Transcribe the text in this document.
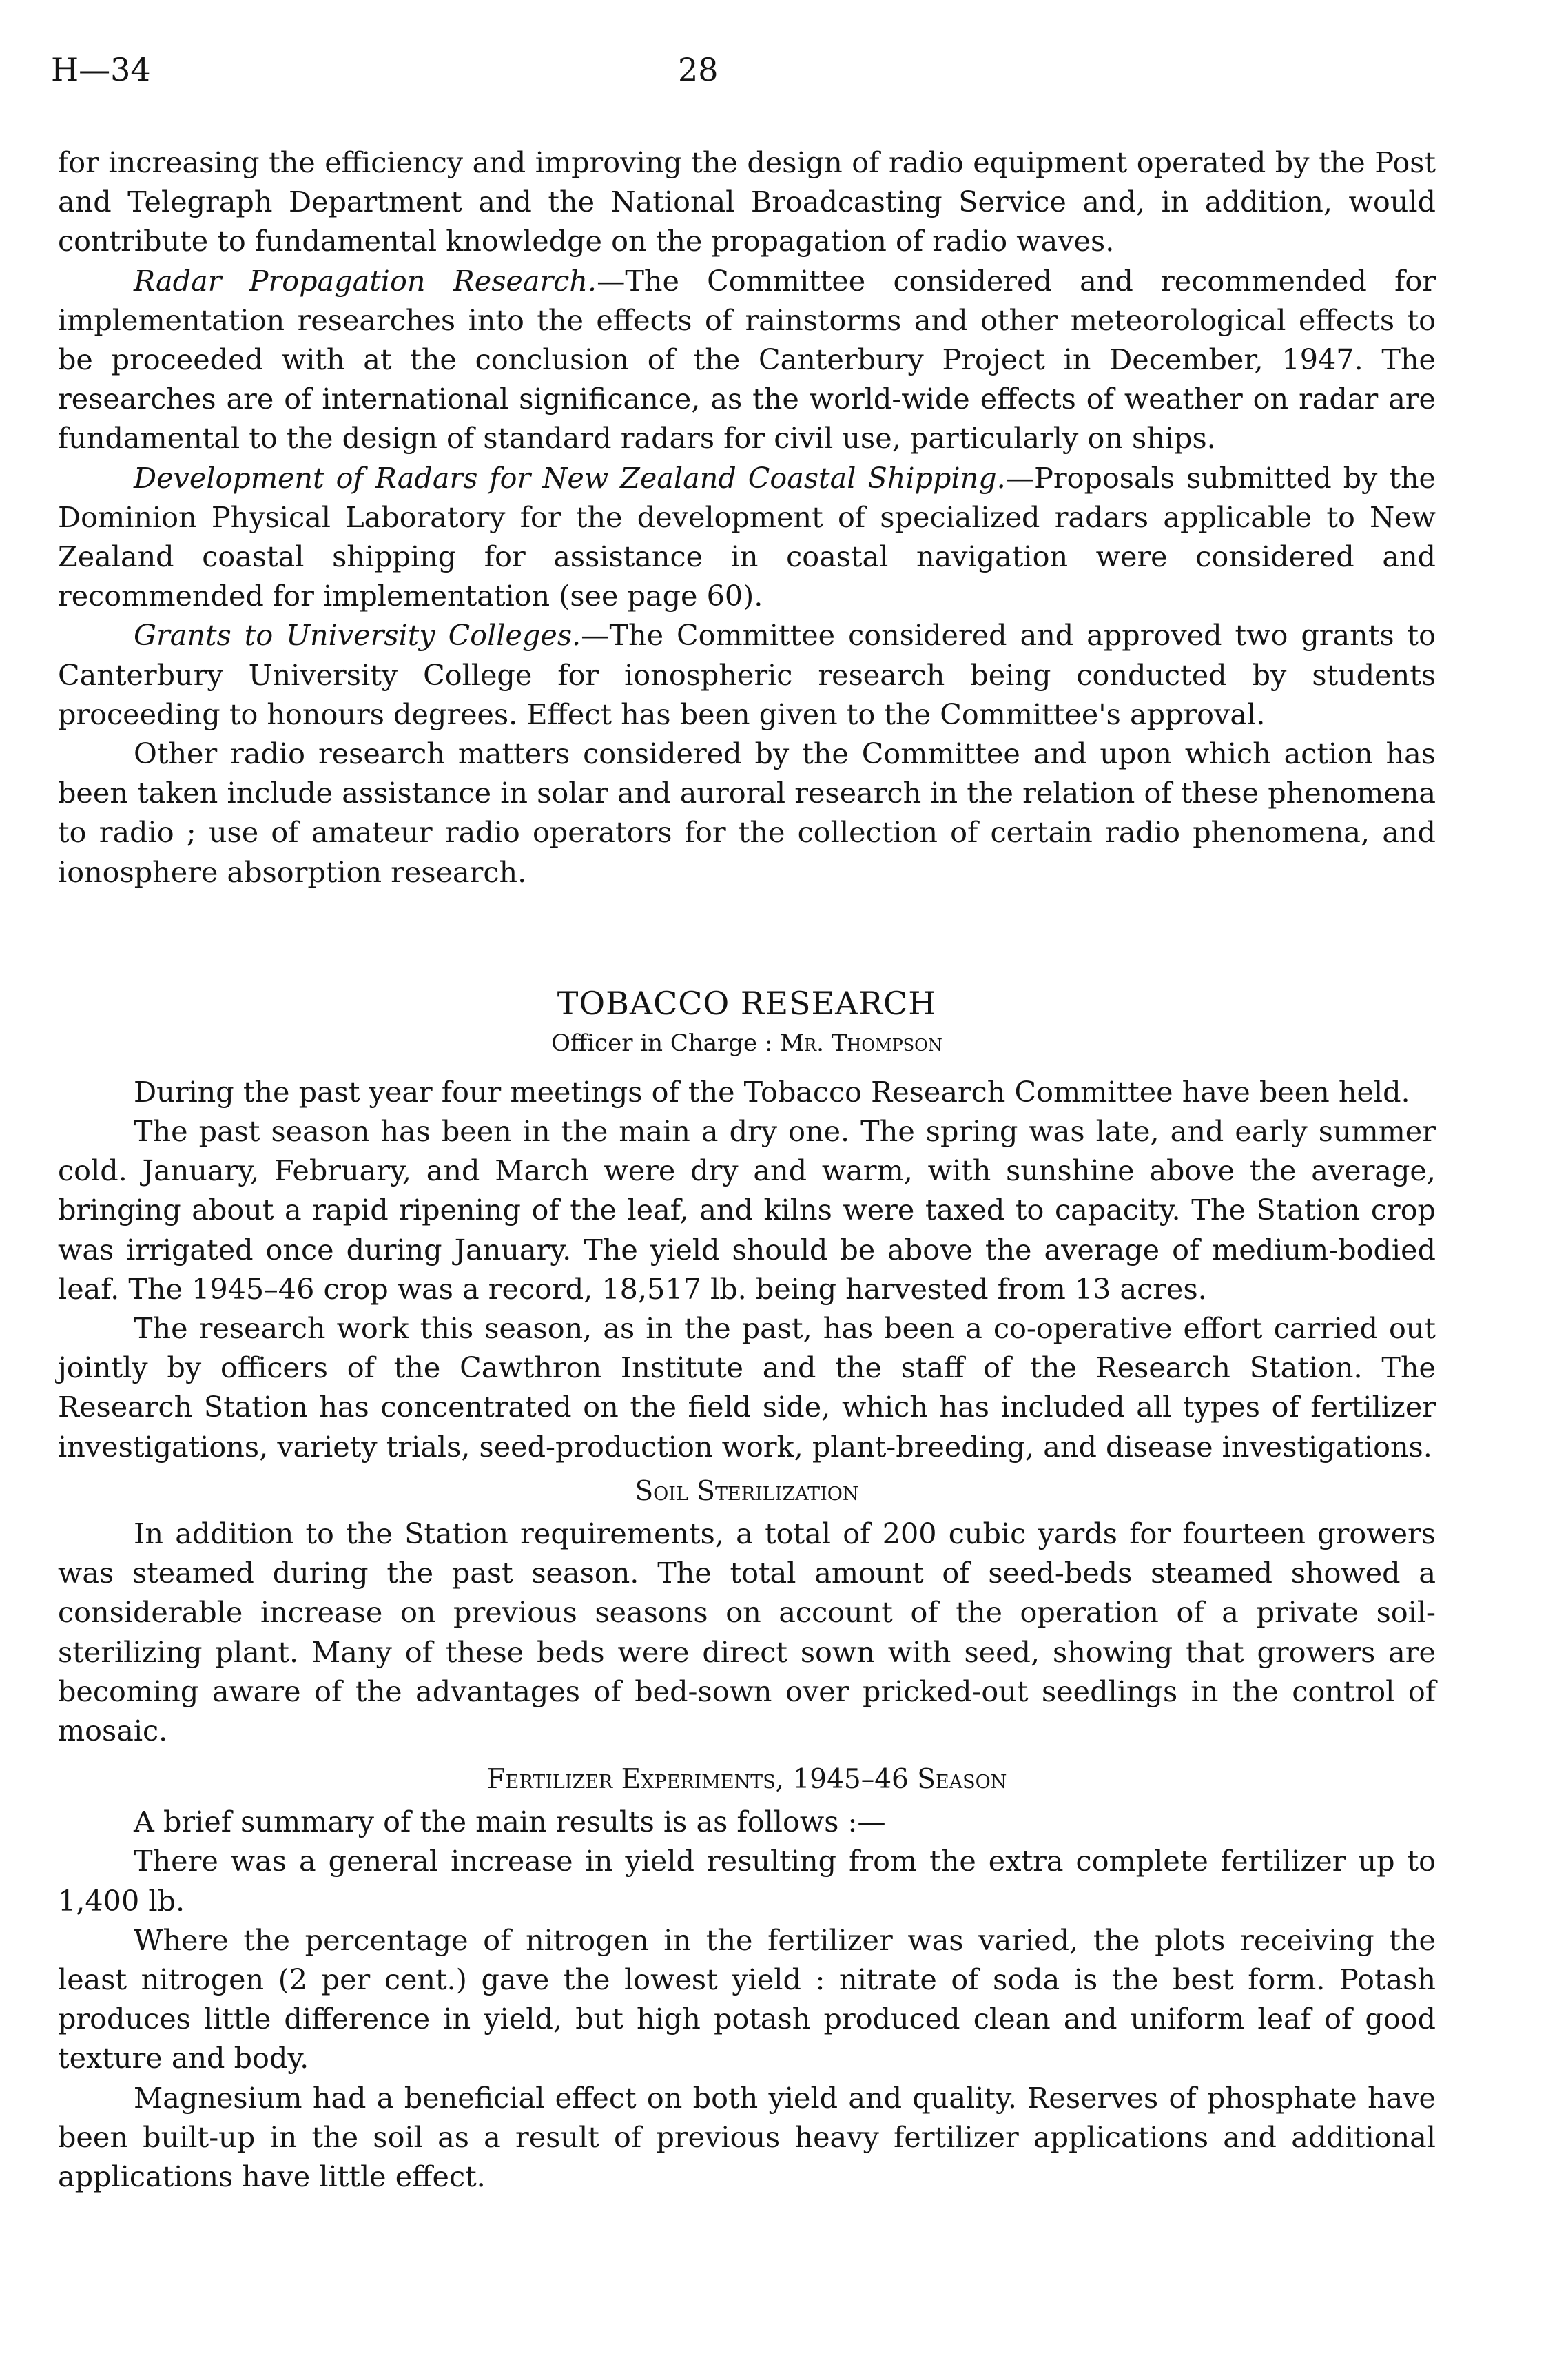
H—34	28

for increasing the efficiency and improving the design of radio equipment operated by the Post and Telegraph Department and the National Broadcasting Service and, in addition, would contribute to fundamental knowledge on the propagation of radio waves.

Radar Propagation Research.—The Committee considered and recommended for implementation researches into the effects of rainstorms and other meteorological effects to be proceeded with at the conclusion of the Canterbury Project in December, 1947. The researches are of international significance, as the world-wide effects of weather on radar are fundamental to the design of standard radars for civil use, particularly on ships.

Development of Radars for New Zealand Coastal Shipping.—Proposals submitted by the Dominion Physical Laboratory for the development of specialized radars applicable to New Zealand coastal shipping for assistance in coastal navigation were considered and recommended for implementation (see page 60).

Grants to University Colleges.—The Committee considered and approved two grants to Canterbury University College for ionospheric research being conducted by students proceeding to honours degrees. Effect has been given to the Committee's approval.

Other radio research matters considered by the Committee and upon which action has been taken include assistance in solar and auroral research in the relation of these phenomena to radio ; use of amateur radio operators for the collection of certain radio phenomena, and ionosphere absorption research.

TOBACCO RESEARCH
Officer in Charge : Mr. Thompson

During the past year four meetings of the Tobacco Research Committee have been held.

The past season has been in the main a dry one. The spring was late, and early summer cold. January, February, and March were dry and warm, with sunshine above the average, bringing about a rapid ripening of the leaf, and kilns were taxed to capacity. The Station crop was irrigated once during January. The yield should be above the average of medium-bodied leaf. The 1945–46 crop was a record, 18,517 lb. being harvested from 13 acres.

The research work this season, as in the past, has been a co-operative effort carried out jointly by officers of the Cawthron Institute and the staff of the Research Station. The Research Station has concentrated on the field side, which has included all types of fertilizer investigations, variety trials, seed-production work, plant-breeding, and disease investigations.

Soil Sterilization

In addition to the Station requirements, a total of 200 cubic yards for fourteen growers was steamed during the past season. The total amount of seed-beds steamed showed a considerable increase on previous seasons on account of the operation of a private soil-sterilizing plant. Many of these beds were direct sown with seed, showing that growers are becoming aware of the advantages of bed-sown over pricked-out seedlings in the control of mosaic.

Fertilizer Experiments, 1945–46 Season

A brief summary of the main results is as follows :—

There was a general increase in yield resulting from the extra complete fertilizer up to 1,400 lb.

Where the percentage of nitrogen in the fertilizer was varied, the plots receiving the least nitrogen (2 per cent.) gave the lowest yield : nitrate of soda is the best form. Potash produces little difference in yield, but high potash produced clean and uniform leaf of good texture and body.

Magnesium had a beneficial effect on both yield and quality. Reserves of phosphate have been built-up in the soil as a result of previous heavy fertilizer applications and additional applications have little effect.
